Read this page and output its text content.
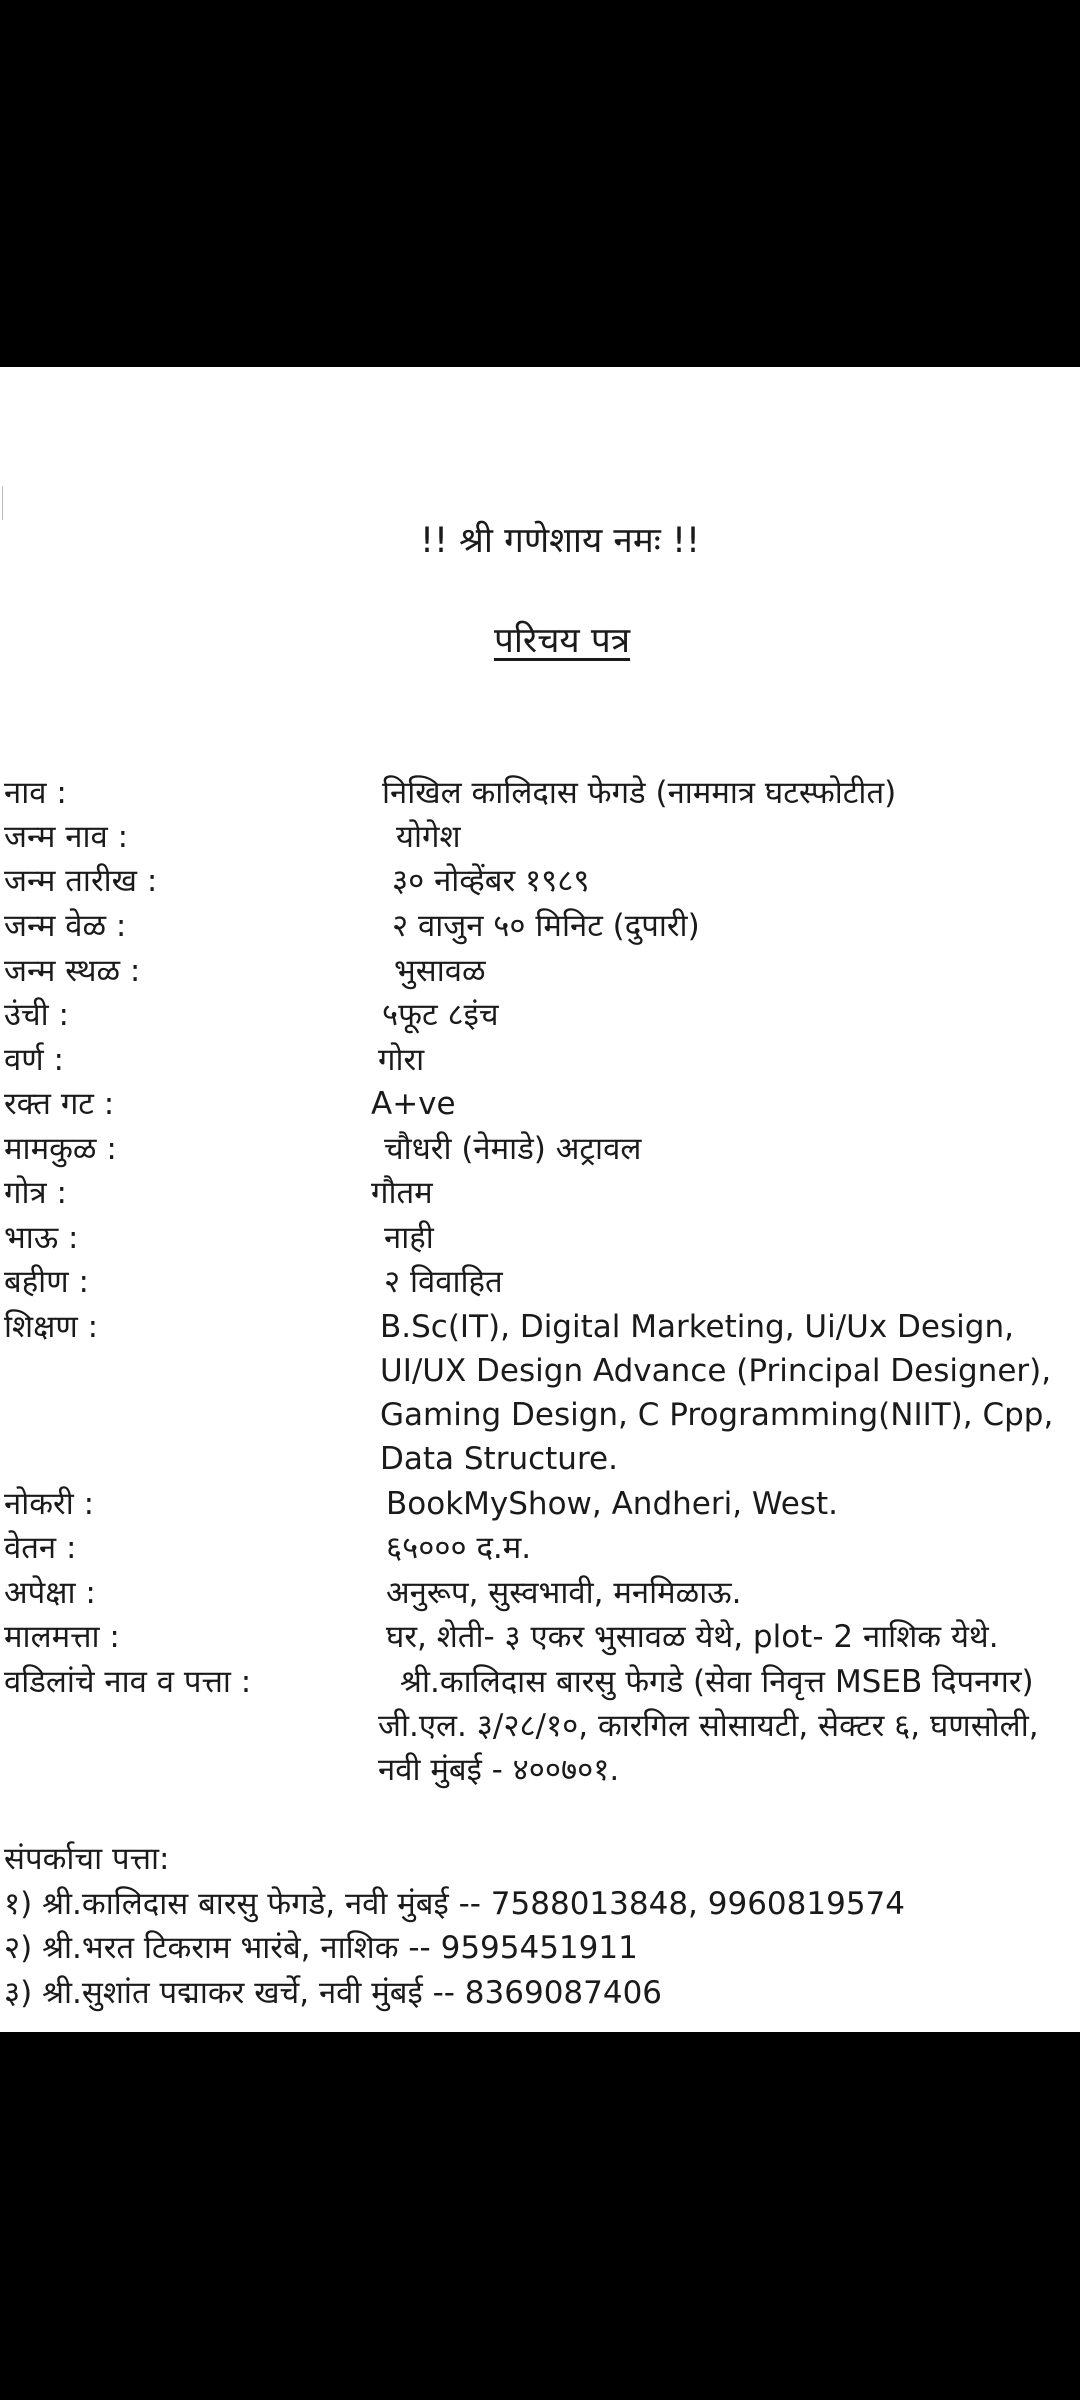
!! श्री गणेशाय नमः !!
परिचय पत्र
नाव :	निखिल कालिदास फेगडे (नाममात्र घटस्फोटीत)
जन्म नाव :	योगेश
जन्म तारीख :	३० नोव्हेंबर १९८९
जन्म वेळ :	२ वाजुन ५० मिनिट (दुपारी)
जन्म स्थळ :	भुसावळ
उंची :	५फूट ८इंच
वर्ण :	गोरा
रक्त गट :	A+ve
मामकुळ :	चौधरी (नेमाडे) अट्रावल
गोत्र :	गौतम
भाऊ :	नाही
बहीण :	२ विवाहित
शिक्षण :	B.Sc(IT), Digital Marketing, Ui/Ux Design,
UI/UX Design Advance (Principal Designer),
Gaming Design, C Programming(NIIT), Cpp,
Data Structure.
नोकरी :	BookMyShow, Andheri, West.
वेतन :	६५००० द.म.
अपेक्षा :	अनुरूप, सुस्वभावी, मनमिळाऊ.
मालमत्ता :	घर, शेती- ३ एकर भुसावळ येथे, plot- 2 नाशिक येथे.
वडिलांचे नाव व पत्ता :	श्री.कालिदास बारसु फेगडे (सेवा निवृत्त MSEB दिपनगर)
जी.एल. ३/२८/१०, कारगिल सोसायटी, सेक्टर ६, घणसोली,
नवी मुंबई - ४००७०१.
संपर्काचा पत्ता:
१) श्री.कालिदास बारसु फेगडे, नवी मुंबई -- 7588013848, 9960819574
२) श्री.भरत टिकराम भारंबे, नाशिक -- 9595451911
३) श्री.सुशांत पद्माकर खर्चे, नवी मुंबई -- 8369087406
